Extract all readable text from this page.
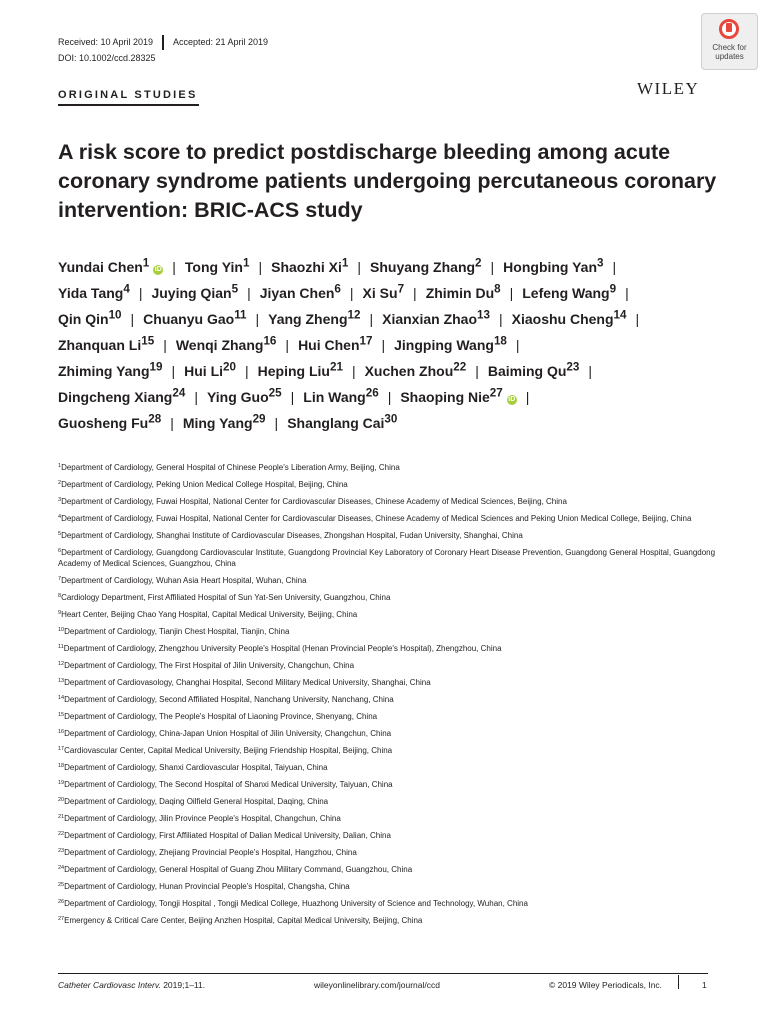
Received: 10 April 2019 Accepted: 21 April 2019
DOI: 10.1002/ccd.28325
Check for
updates
ORIGINAL STUDIES	WILEY
A risk score to predict postdischarge bleeding among acute coronary syndrome patients undergoing percutaneous coronary intervention: BRIC-ACS study
Yundai Chen$^1$iD | Tong Yin$^1$ | Shaozhi Xi$^1$ | Shuyang Zhang$^2$ | Hongbing Yan$^3$ |
Yida Tang$^4$ | Juying Qian$^5$ | Jiyan Chen$^6$ | Xi Su$^7$ | Zhimin Du$^8$ | Lefeng Wang$^9$ |
Qin Qin$^{10}$ | Chuanyu Gao$^{11}$ | Yang Zheng$^{12}$ | Xianxian Zhao$^{13}$ | Xiaoshu Cheng$^{14}$ |
Zhanquan Li$^{15}$ | Wenqi Zhang$^{16}$ | Hui Chen$^{17}$ | Jingping Wang$^{18}$ |
Zhiming Yang$^{19}$ | Hui Li$^{20}$ | Heping Liu$^{21}$ | Xuchen Zhou$^{22}$ | Baiming Qu$^{23}$ |
Dingcheng Xiang$^{24}$ | Ying Guo$^{25}$ | Lin Wang$^{26}$ | Shaoping Nie$^{27}$iD |
Guosheng Fu$^{28}$ | Ming Yang$^{29}$ | Shanglang Cai$^{30}$
$^1$Department of Cardiology, General Hospital of Chinese People's Liberation Army, Beijing, China
$^2$Department of Cardiology, Peking Union Medical College Hospital, Beijing, China
$^3$Department of Cardiology, Fuwai Hospital, National Center for Cardiovascular Diseases, Chinese Academy of Medical Sciences, Beijing, China
$^4$Department of Cardiology, Fuwai Hospital, National Center for Cardiovascular Diseases, Chinese Academy of Medical Sciences and Peking Union Medical College, Beijing, China
$^5$Department of Cardiology, Shanghai Institute of Cardiovascular Diseases, Zhongshan Hospital, Fudan University, Shanghai, China
$^6$Department of Cardiology, Guangdong Cardiovascular Institute, Guangdong Provincial Key Laboratory of Coronary Heart Disease Prevention, Guangdong General Hospital, Guangdong Academy of Medical Sciences, Guangzhou, China
$^7$Department of Cardiology, Wuhan Asia Heart Hospital, Wuhan, China
$^8$Cardiology Department, First Affiliated Hospital of Sun Yat-Sen University, Guangzhou, China
$^9$Heart Center, Beijing Chao Yang Hospital, Capital Medical University, Beijing, China
$^{10}$Department of Cardiology, Tianjin Chest Hospital, Tianjin, China
$^{11}$Department of Cardiology, Zhengzhou University People's Hospital (Henan Provincial People's Hospital), Zhengzhou, China
$^{12}$Department of Cardiology, The First Hospital of Jilin University, Changchun, China
$^{13}$Department of Cardiovasology, Changhai Hospital, Second Military Medical University, Shanghai, China
$^{14}$Department of Cardiology, Second Affiliated Hospital, Nanchang University, Nanchang, China
$^{15}$Department of Cardiology, The People's Hospital of Liaoning Province, Shenyang, China
$^{16}$Department of Cardiology, China-Japan Union Hospital of Jilin University, Changchun, China
$^{17}$Cardiovascular Center, Capital Medical University, Beijing Friendship Hospital, Beijing, China
$^{18}$Department of Cardiology, Shanxi Cardiovascular Hospital, Taiyuan, China
$^{19}$Department of Cardiology, The Second Hospital of Shanxi Medical University, Taiyuan, China
$^{20}$Department of Cardiology, Daqing Oilfield General Hospital, Daqing, China
$^{21}$Department of Cardiology, Jilin Province People's Hospital, Changchun, China
$^{22}$Department of Cardiology, First Affiliated Hospital of Dalian Medical University, Dalian, China
$^{23}$Department of Cardiology, Zhejiang Provincial People's Hospital, Hangzhou, China
$^{24}$Department of Cardiology, General Hospital of Guang Zhou Military Command, Guangzhou, China
$^{25}$Department of Cardiology, Hunan Provincial People's Hospital, Changsha, China
$^{26}$Department of Cardiology, Tongji Hospital , Tongji Medical College, Huazhong University of Science and Technology, Wuhan, China
$^{27}$Emergency & Critical Care Center, Beijing Anzhen Hospital, Capital Medical University, Beijing, China
Catheter Cardiovasc Interv. 2019;1–11.	wileyonlinelibrary.com/journal/ccd	© 2019 Wiley Periodicals, Inc.	1
